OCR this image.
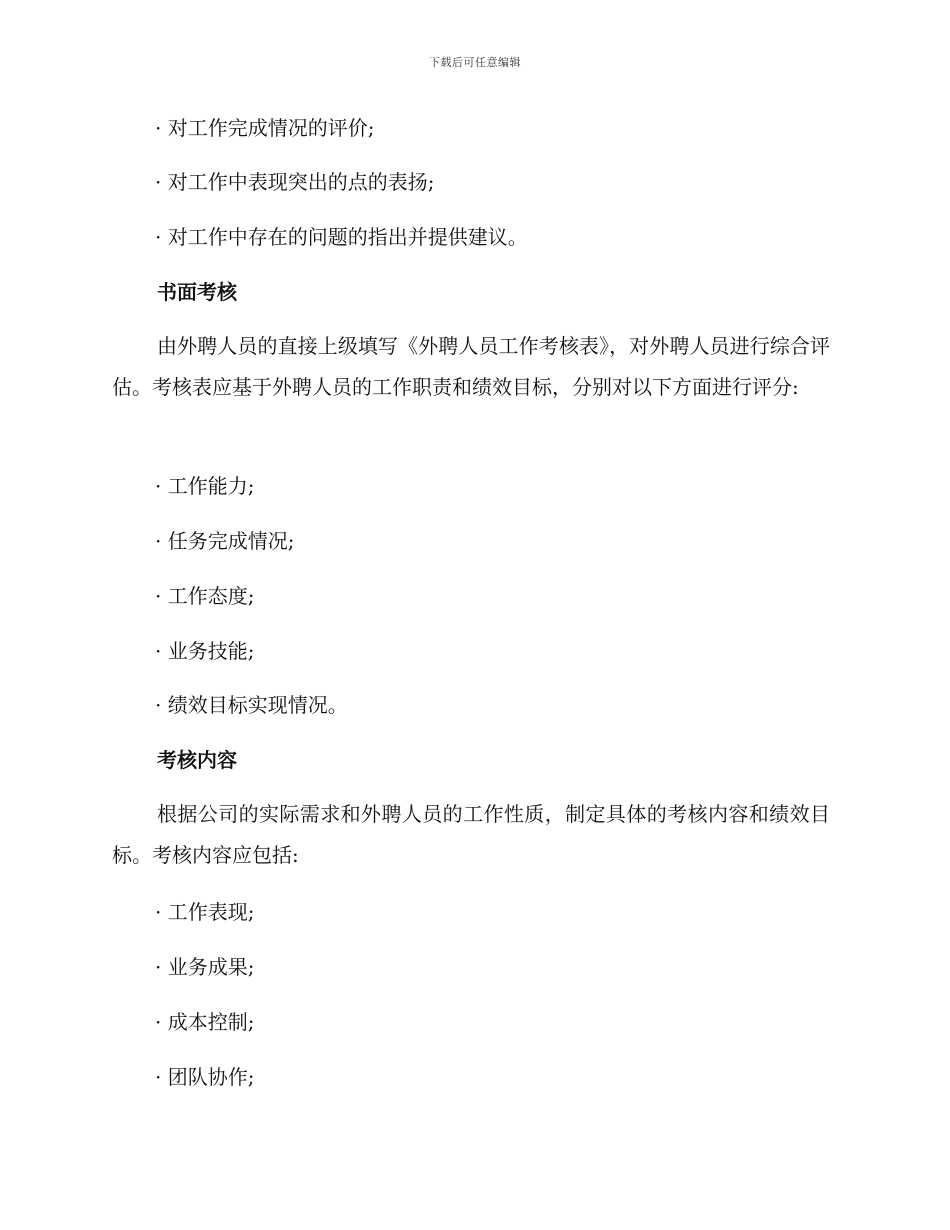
下载后可任意编辑
· 对工作完成情况的评价;
· 对工作中表现突出的点的表扬;
· 对工作中存在的问题的指出并提供建议。
书面考核
由外聘人员的直接上级填写《外聘人员工作考核表》，对外聘人员进行综合评估。考核表应基于外聘人员的工作职责和绩效目标，分别对以下方面进行评分:
· 工作能力;
· 任务完成情况;
· 工作态度;
· 业务技能;
· 绩效目标实现情况。
考核内容
根据公司的实际需求和外聘人员的工作性质，制定具体的考核内容和绩效目标。考核内容应包括:
· 工作表现;
· 业务成果;
· 成本控制;
· 团队协作;
